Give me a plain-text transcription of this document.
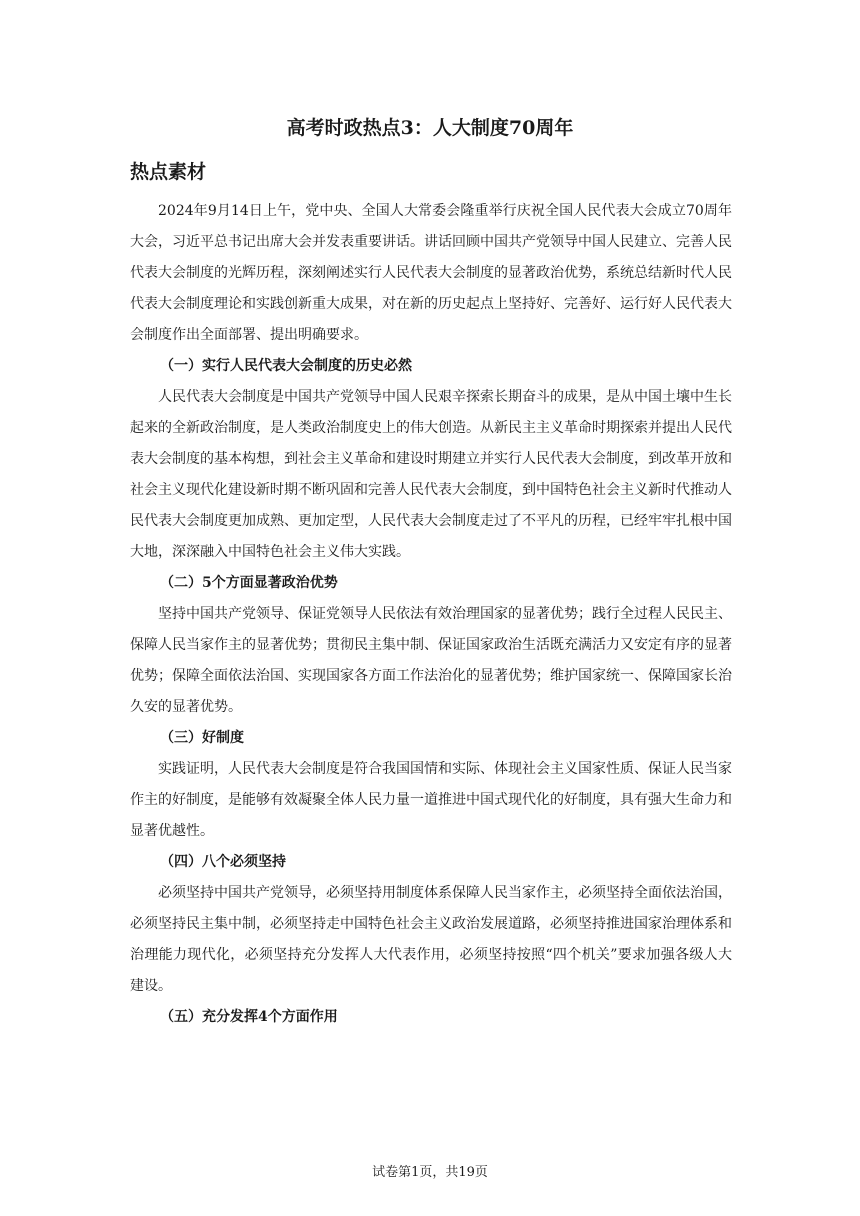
高考时政热点3：人大制度70周年
热点素材

2024年9月14日上午，党中央、全国人大常委会隆重举行庆祝全国人民代表大会成立70周年大会，习近平总书记出席大会并发表重要讲话。讲话回顾中国共产党领导中国人民建立、完善人民代表大会制度的光辉历程，深刻阐述实行人民代表大会制度的显著政治优势，系统总结新时代人民代表大会制度理论和实践创新重大成果，对在新的历史起点上坚持好、完善好、运行好人民代表大会制度作出全面部署、提出明确要求。

（一）实行人民代表大会制度的历史必然

人民代表大会制度是中国共产党领导中国人民艰辛探索长期奋斗的成果，是从中国土壤中生长起来的全新政治制度，是人类政治制度史上的伟大创造。从新民主主义革命时期探索并提出人民代表大会制度的基本构想，到社会主义革命和建设时期建立并实行人民代表大会制度，到改革开放和社会主义现代化建设新时期不断巩固和完善人民代表大会制度，到中国特色社会主义新时代推动人民代表大会制度更加成熟、更加定型，人民代表大会制度走过了不平凡的历程，已经牢牢扎根中国大地，深深融入中国特色社会主义伟大实践。

（二）5个方面显著政治优势

坚持中国共产党领导、保证党领导人民依法有效治理国家的显著优势；践行全过程人民民主、保障人民当家作主的显著优势；贯彻民主集中制、保证国家政治生活既充满活力又安定有序的显著优势；保障全面依法治国、实现国家各方面工作法治化的显著优势；维护国家统一、保障国家长治久安的显著优势。

（三）好制度

实践证明，人民代表大会制度是符合我国国情和实际、体现社会主义国家性质、保证人民当家作主的好制度，是能够有效凝聚全体人民力量一道推进中国式现代化的好制度，具有强大生命力和显著优越性。

（四）八个必须坚持

必须坚持中国共产党领导，必须坚持用制度体系保障人民当家作主，必须坚持全面依法治国，必须坚持民主集中制，必须坚持走中国特色社会主义政治发展道路，必须坚持推进国家治理体系和治理能力现代化，必须坚持充分发挥人大代表作用，必须坚持按照“四个机关”要求加强各级人大建设。

（五）充分发挥4个方面作用

试卷第1页，共19页
